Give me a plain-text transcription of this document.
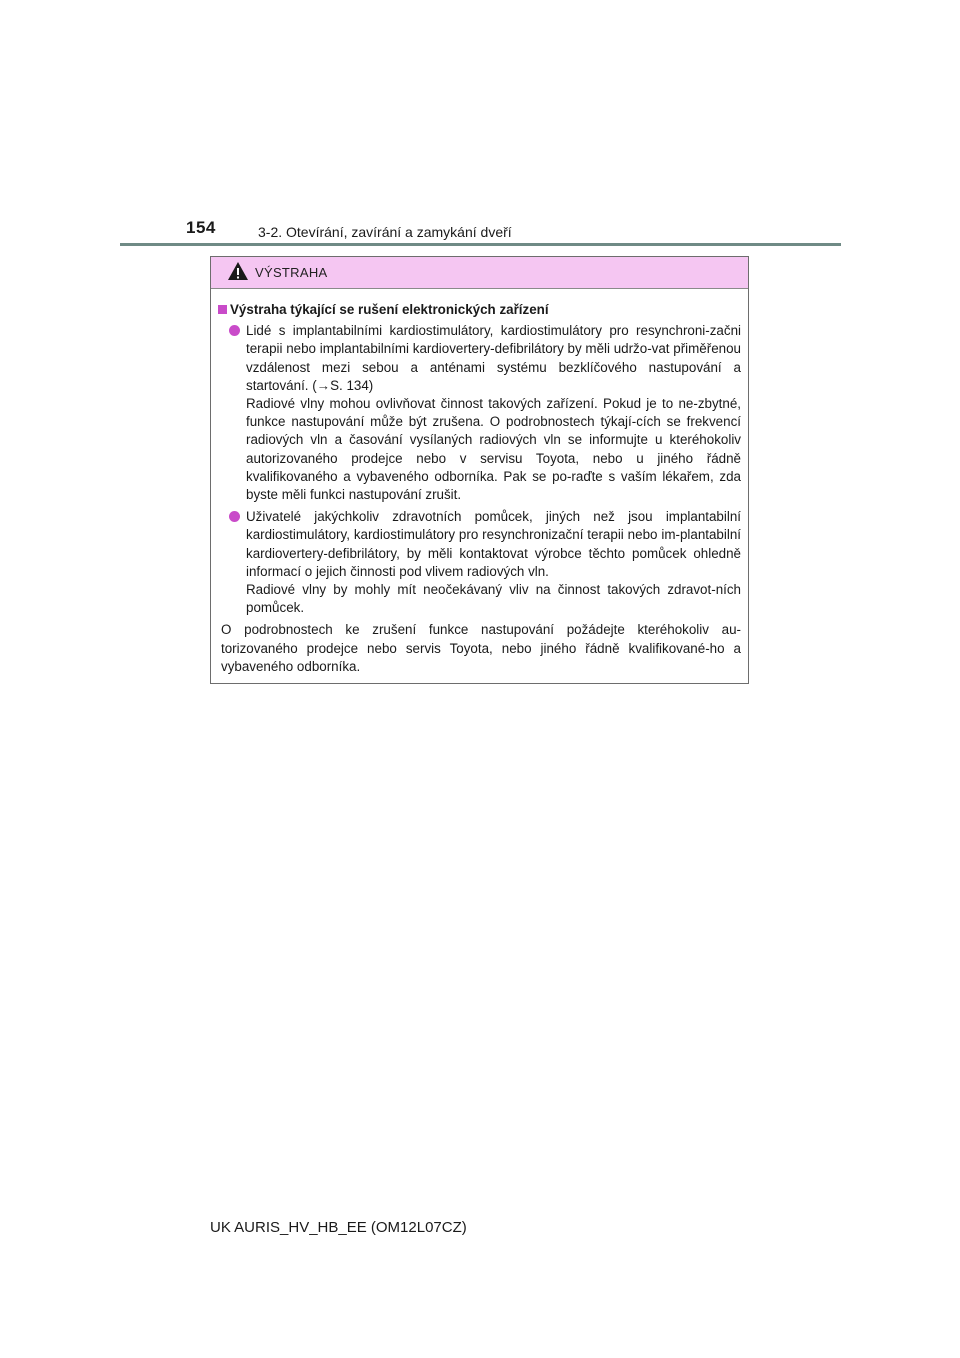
154	3-2. Otevírání, zavírání a zamykání dveří
VÝSTRAHA
Výstraha týkající se rušení elektronických zařízení

Lidé s implantabilními kardiostimulátory, kardiostimulátory pro resynchroni-začni terapii nebo implantabilními kardiovertery-defibrilátory by měli udržo-vat přiměřenou vzdálenost mezi sebou a anténami systému bezklíčového nastupování a startování. (→S. 134)

Radiové vlny mohou ovlivňovat činnost takových zařízení. Pokud je to ne-zbytné, funkce nastupování může být zrušena. O podrobnostech týkají-cích se frekvencí radiových vln a časování vysílaných radiových vln se informujte u kteréhokoliv autorizovaného prodejce nebo v servisu Toyota, nebo u jiného řádně kvalifikovaného a vybaveného odborníka. Pak se po-raďte s vaším lékařem, zda byste měli funkci nastupování zrušit.

Uživatelé jakýchkoliv zdravotních pomůcek, jiných než jsou implantabilní kardiostimulátory, kardiostimulátory pro resynchronizační terapii nebo im-plantabilní kardiovertery-defibrilátory, by měli kontaktovat výrobce těchto pomůcek ohledně informací o jejich činnosti pod vlivem radiových vln.

Radiové vlny by mohly mít neočekávaný vliv na činnost takových zdravot-ních pomůcek.

O podrobnostech ke zrušení funkce nastupování požádejte kteréhokoliv au-torizovaného prodejce nebo servis Toyota, nebo jiného řádně kvalifikované-ho a vybaveného odborníka.

UK AURIS_HV_HB_EE (OM12L07CZ)
